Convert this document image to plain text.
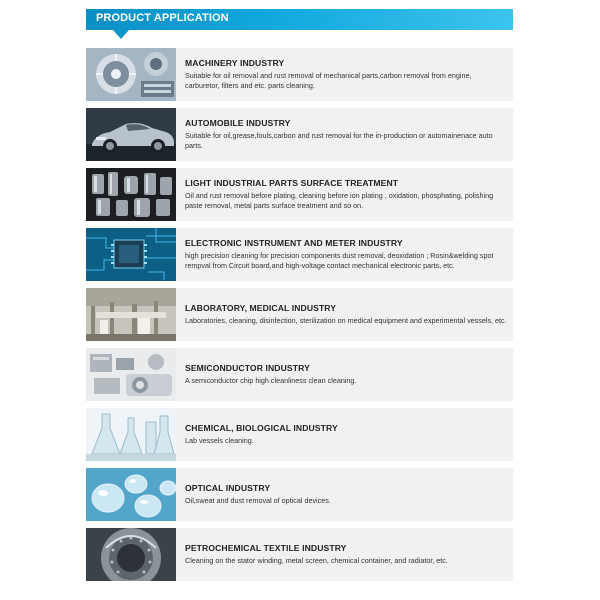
PRODUCT APPLICATION
MACHINERY INDUSTRY
Suitable for oil removal and rust removal of mechanical parts,carbon removal from engine, carburetor, filters and etc. parts cleaning.
AUTOMOBILE INDUSTRY
Suitable for oil,grease,fouls,carbon and rust removal for the in-production or automainenace auto parts.
LIGHT INDUSTRIAL PARTS SURFACE TREATMENT
Oil and rust removal before plating, cleaning before ion plating , oxidation, phosphating, polishing paste removal, metal parts surface treatment and so on.
ELECTRONIC INSTRUMENT AND METER INDUSTRY
high precision cleaning for precision components dust removal, deoxidation ; Rosin&welding spot rempval from Circuit board,and high-voltage contact mechanical electronic parts, etc.
LABORATORY, MEDICAL INDUSTRY
Laboratories, cleaning, disinfection, sterilization on medical equipment and experimental vessels, etc.
SEMICONDUCTOR INDUSTRY
A semiconductor chip high cleanliness clean cleaning.
CHEMICAL, BIOLOGICAL INDUSTRY
Lab vessels cleaning.
OPTICAL INDUSTRY
Oil,sweat and dust removal of optical devices.
PETROCHEMICAL TEXTILE INDUSTRY
Cleaning on the stator winding, metal screen, chemical container, and radiator, etc.
